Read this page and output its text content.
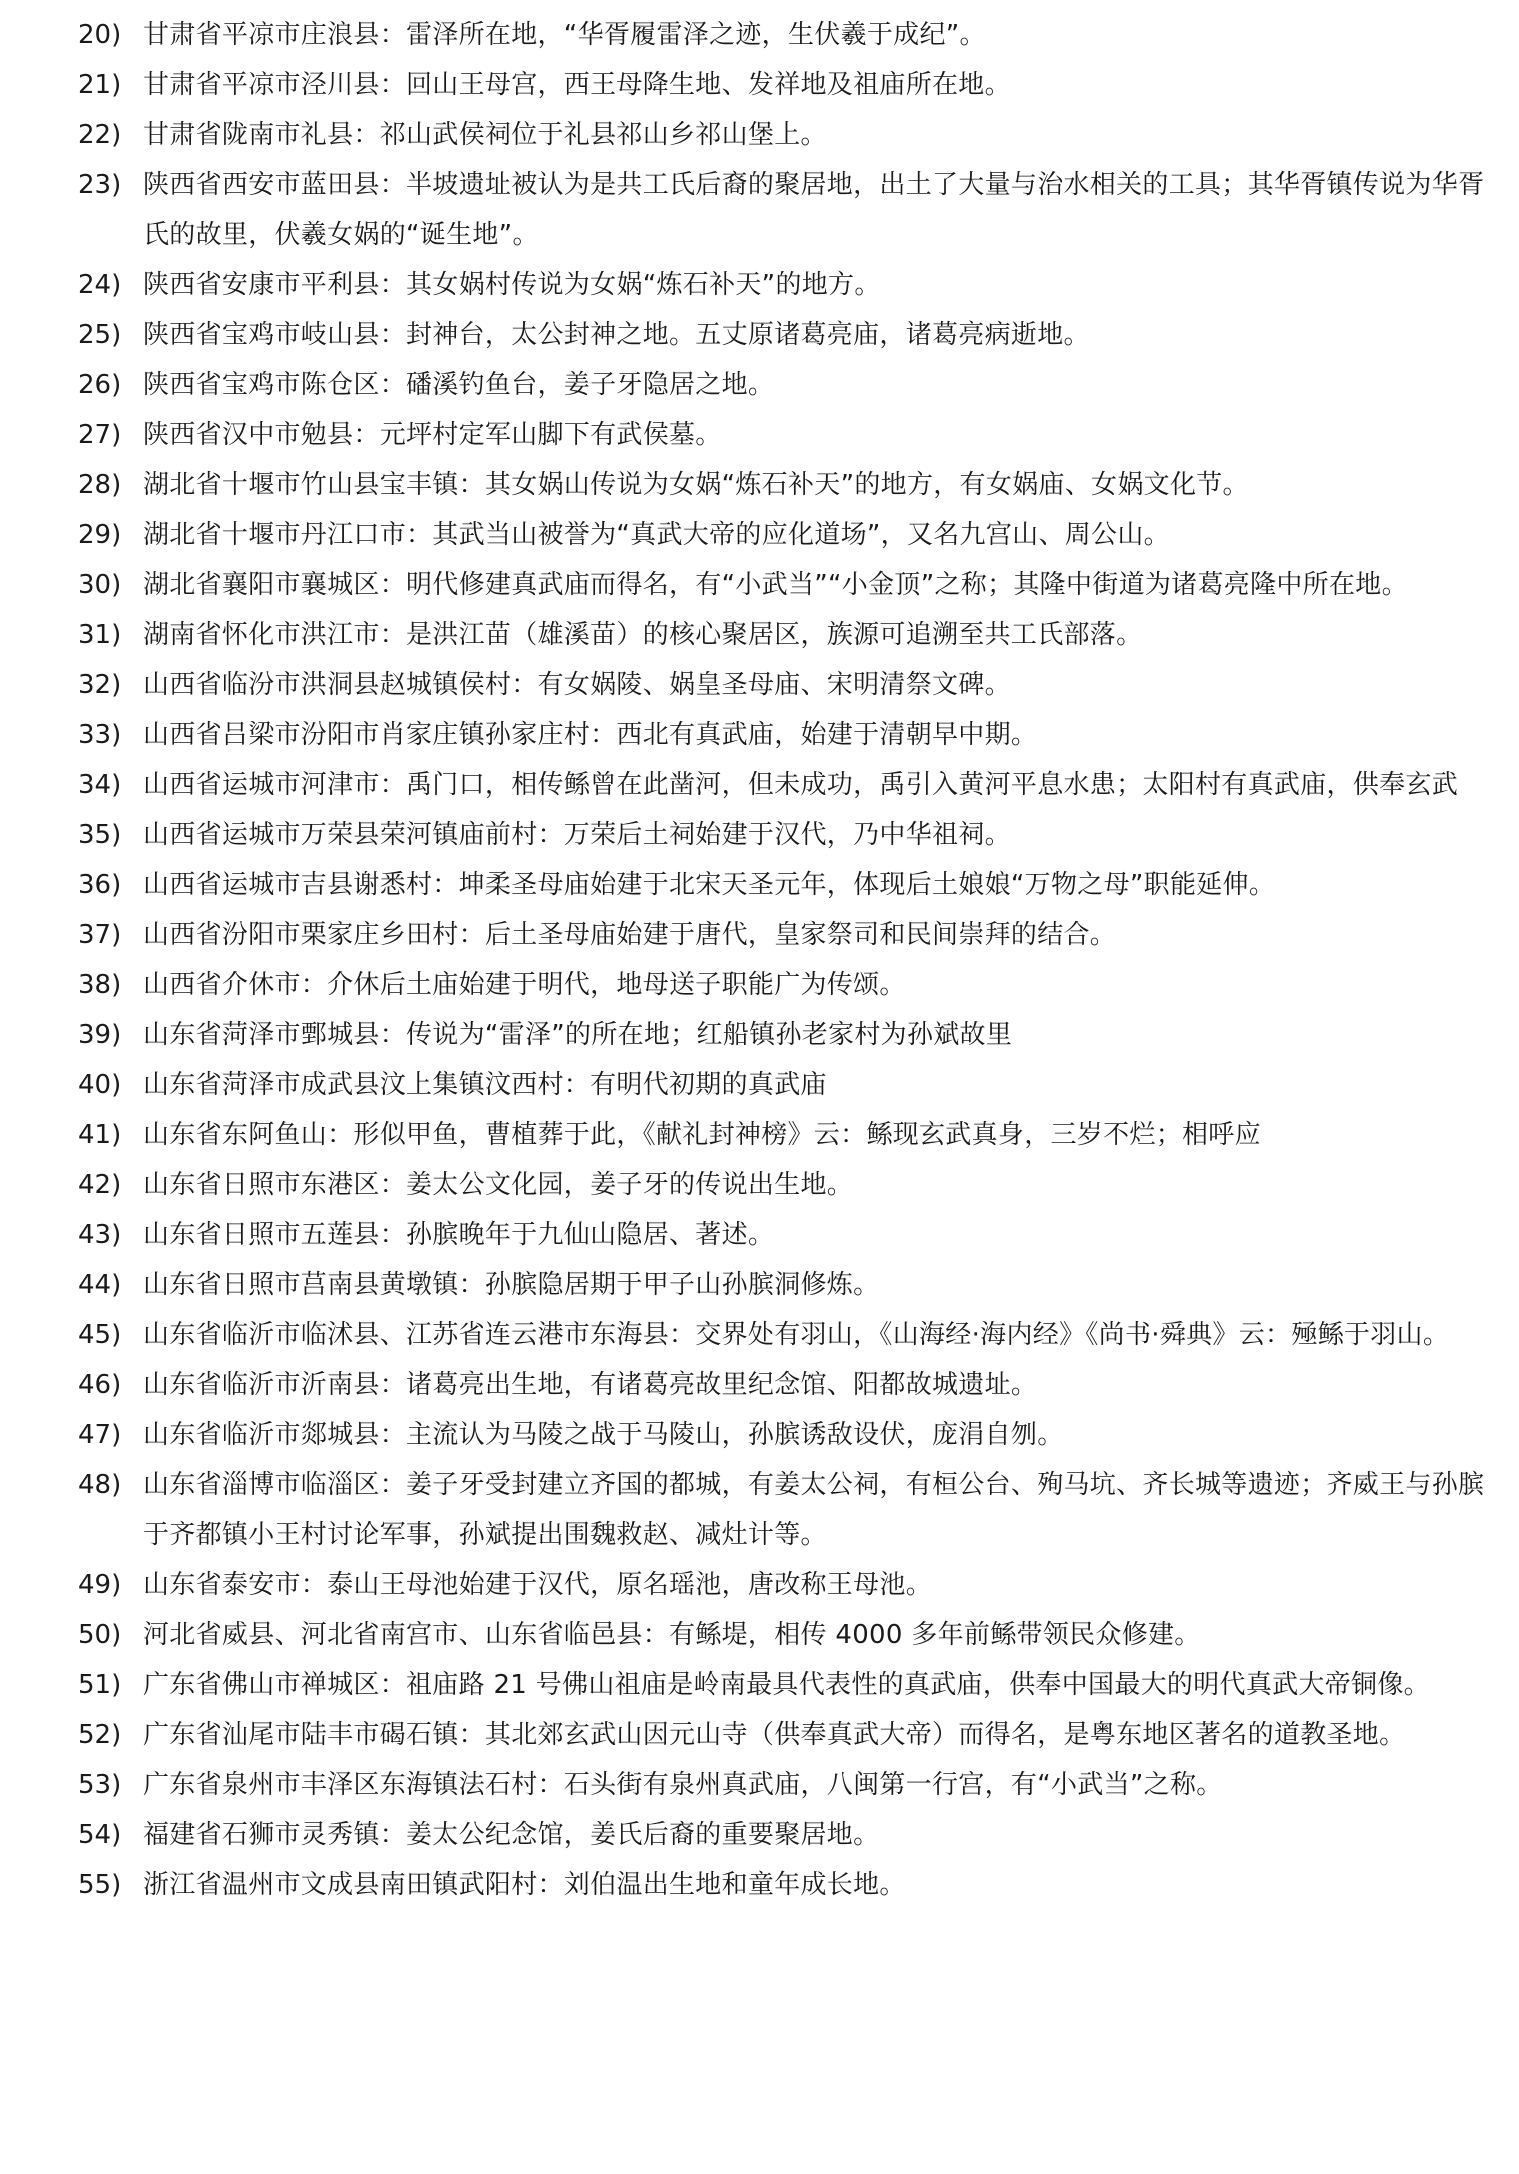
20) 甘肃省平凉市庄浪县：雷泽所在地，“华胥履雷泽之迹，生伏羲于成纪”。
21) 甘肃省平凉市泾川县：回山王母宫，西王母降生地、发祥地及祖庙所在地。
22) 甘肃省陇南市礼县：祁山武侯祠位于礼县祁山乡祁山堡上。
23) 陕西省西安市蓝田县：半坡遗址被认为是共工氏后裔的聚居地，出土了大量与治水相关的工具；其华胥镇传说为华胥氏的故里，伏羲女娲的“诞生地”。
24) 陕西省安康市平利县：其女娲村传说为女娲“炼石补天”的地方。
25) 陕西省宝鸡市岐山县：封神台，太公封神之地。五丈原诸葛亮庙，诸葛亮病逝地。
26) 陕西省宝鸡市陈仓区：磻溪钓鱼台，姜子牙隐居之地。
27) 陕西省汉中市勉县：元坪村定军山脚下有武侯墓。
28) 湖北省十堰市竹山县宝丰镇：其女娲山传说为女娲“炼石补天”的地方，有女娲庙、女娲文化节。
29) 湖北省十堰市丹江口市：其武当山被誉为“真武大帝的应化道场”，又名九宫山、周公山。
30) 湖北省襄阳市襄城区：明代修建真武庙而得名，有“小武当”“小金顶”之称；其隆中街道为诸葛亮隆中所在地。
31) 湖南省怀化市洪江市：是洪江苗（雄溪苗）的核心聚居区，族源可追溯至共工氏部落。
32) 山西省临汾市洪洞县赵城镇侯村：有女娲陵、娲皇圣母庙、宋明清祭文碑。
33) 山西省吕梁市汾阳市肖家庄镇孙家庄村：西北有真武庙，始建于清朝早中期。
34) 山西省运城市河津市：禹门口，相传鲧曾在此凿河，但未成功，禹引入黄河平息水患；太阳村有真武庙，供奉玄武
35) 山西省运城市万荣县荣河镇庙前村：万荣后土祠始建于汉代，乃中华祖祠。
36) 山西省运城市吉县谢悉村：坤柔圣母庙始建于北宋天圣元年，体现后土娘娘“万物之母”职能延伸。
37) 山西省汾阳市栗家庄乡田村：后土圣母庙始建于唐代，皇家祭司和民间崇拜的结合。
38) 山西省介休市：介休后土庙始建于明代，地母送子职能广为传颂。
39) 山东省菏泽市鄄城县：传说为“雷泽”的所在地；红船镇孙老家村为孙斌故里
40) 山东省菏泽市成武县汶上集镇汶西村：有明代初期的真武庙
41) 山东省东阿鱼山：形似甲鱼，曹植葬于此，《献礼封神榜》云：鲧现玄武真身，三岁不烂；相呼应
42) 山东省日照市东港区：姜太公文化园，姜子牙的传说出生地。
43) 山东省日照市五莲县：孙膑晚年于九仙山隐居、著述。
44) 山东省日照市莒南县黄墩镇：孙膑隐居期于甲子山孙膑洞修炼。
45) 山东省临沂市临沭县、江苏省连云港市东海县：交界处有羽山，《山海经·海内经》《尚书·舜典》云：殛鲧于羽山。
46) 山东省临沂市沂南县：诸葛亮出生地，有诸葛亮故里纪念馆、阳都故城遗址。
47) 山东省临沂市郯城县：主流认为马陵之战于马陵山，孙膑诱敌设伏，庞涓自刎。
48) 山东省淄博市临淄区：姜子牙受封建立齐国的都城，有姜太公祠，有桓公台、殉马坑、齐长城等遗迹；齐威王与孙膑于齐都镇小王村讨论军事，孙斌提出围魏救赵、减灶计等。
49) 山东省泰安市：泰山王母池始建于汉代，原名瑶池，唐改称王母池。
50) 河北省威县、河北省南宫市、山东省临邑县：有鲧堤，相传 4000 多年前鲧带领民众修建。
51) 广东省佛山市禅城区：祖庙路 21 号佛山祖庙是岭南最具代表性的真武庙，供奉中国最大的明代真武大帝铜像。
52) 广东省汕尾市陆丰市碣石镇：其北郊玄武山因元山寺（供奉真武大帝）而得名，是粤东地区著名的道教圣地。
53) 广东省泉州市丰泽区东海镇法石村：石头街有泉州真武庙，八闽第一行宫，有“小武当”之称。
54) 福建省石狮市灵秀镇：姜太公纪念馆，姜氏后裔的重要聚居地。
55) 浙江省温州市文成县南田镇武阳村：刘伯温出生地和童年成长地。
